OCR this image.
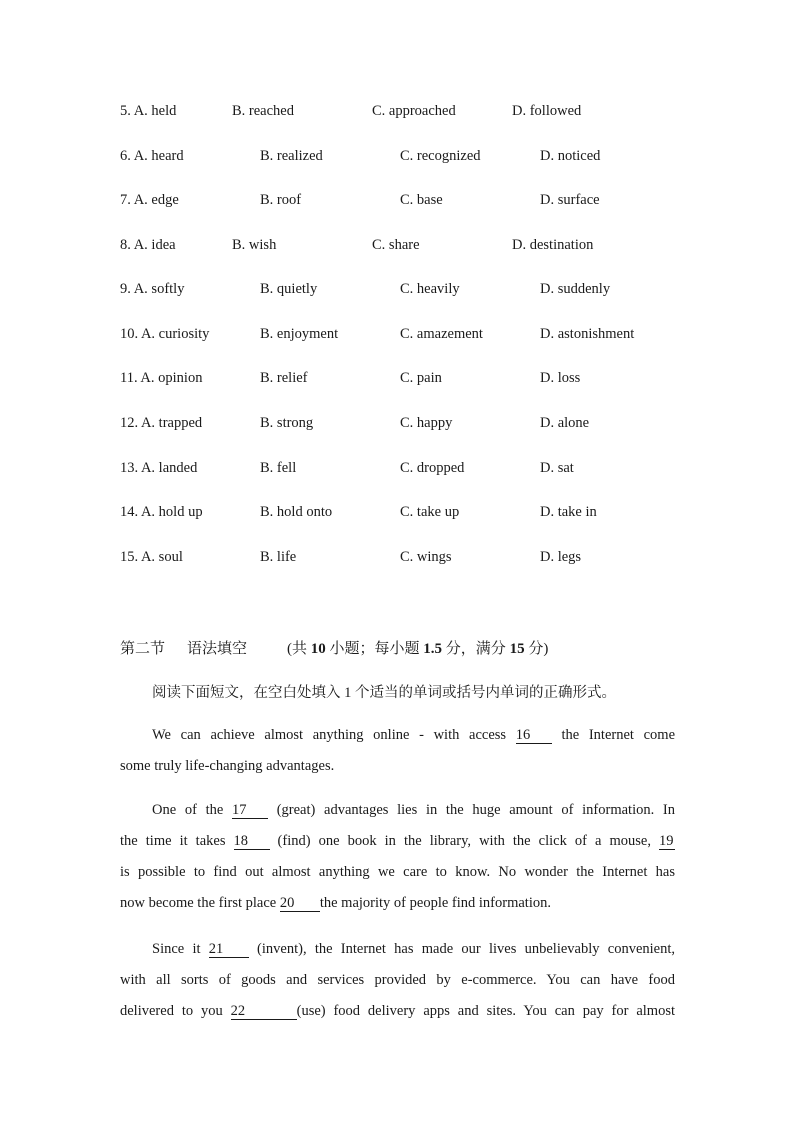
5. A. held	B. reached	C. approached	D. followed
6. A. heard	B. realized	C. recognized	D. noticed
7. A. edge	B. roof	C. base	D. surface
8. A. idea	B. wish	C. share	D. destination
9. A. softly	B. quietly	C. heavily	D. suddenly
10. A. curiosity	B. enjoyment	C. amazement	D. astonishment
11. A. opinion	B. relief	C. pain	D. loss
12. A. trapped	B. strong	C. happy	D. alone
13. A. landed	B. fell	C. dropped	D. sat
14. A. hold up	B. hold onto	C. take up	D. take in
15. A. soul	B. life	C. wings	D. legs
第二节 语法填空	(共 10 小题；每小题 1.5 分，满分 15 分)
阅读下面短文，在空白处填入 1 个适当的单词或括号内单词的正确形式。
We can achieve almost anything online - with access 16 the Internet come
some truly life-changing advantages.
One of the 17 (great) advantages lies in the huge amount of information. In
the time it takes 18 (find) one book in the library, with the click of a mouse, 19
is possible to find out almost anything we care to know. No wonder the Internet has
now become the first place 20 the majority of people find information.
Since it 21 (invent), the Internet has made our lives unbelievably convenient,
with all sorts of goods and services provided by e-commerce. You can have food
delivered to you 22	(use) food delivery apps and sites. You can pay for almost
